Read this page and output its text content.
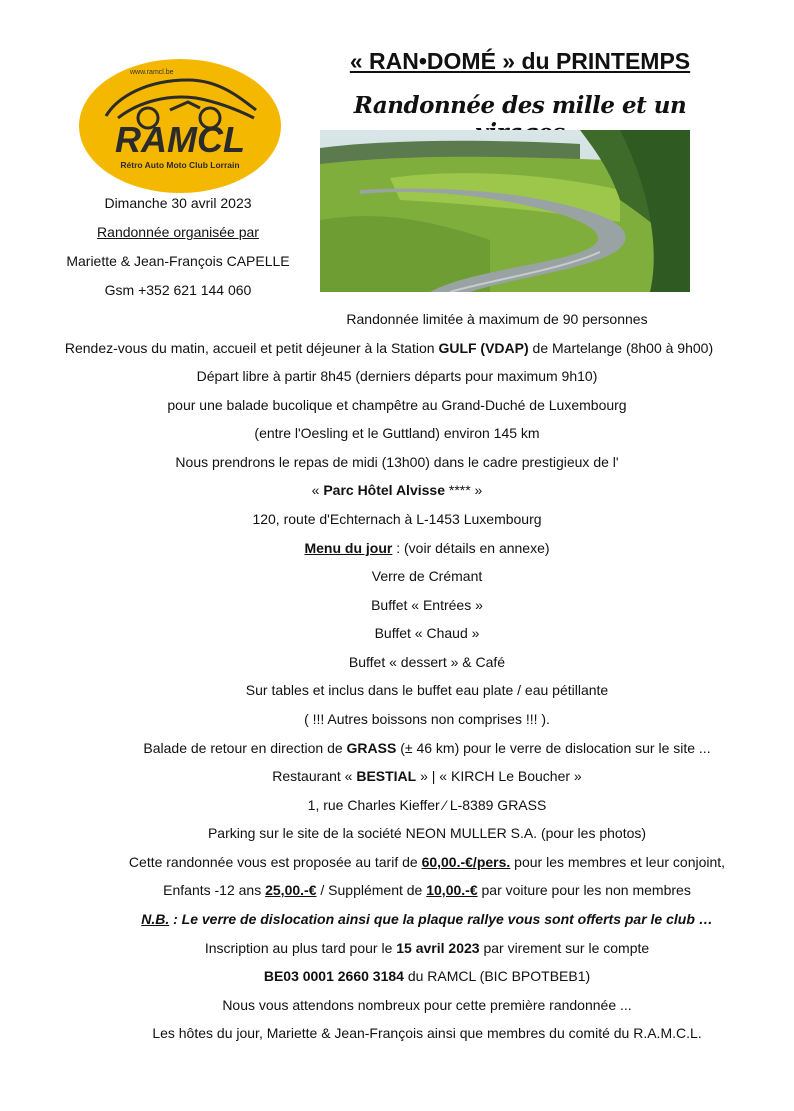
www.ramcl.be
RAMCL
Rétro Auto Moto Club Lorrain
« RAN•DOMÉ » du PRINTEMPS
Randonnée des mille et un
Dimanche 30 avril 2023
Randonnée organisée par
Mariette & Jean-François CAPELLE
Gsm +352 621 144 060
Randonnée limitée à maximum de 90 personnes
Rendez-vous du matin, accueil et petit déjeuner à la Station GULF (VDAP) de Martelange (8h00 à 9h00)
Départ libre à partir 8h45 (derniers départs pour maximum 9h10)
pour une balade bucolique et champêtre au Grand-Duché de Luxembourg
(entre l'Oesling et le Guttland) environ 145 km
Nous prendrons le repas de midi (13h00) dans le cadre prestigieux de l'
« Parc Hôtel Alvisse **** »
120, route d'Echternach à L-1453 Luxembourg
Menu du jour : (voir détails en annexe)
Verre de Crémant
Buffet « Entrées »
Buffet « Chaud »
Buffet « dessert » & Café
Sur tables et inclus dans le buffet eau plate / eau pétillante
( !!! Autres boissons non comprises !!! ).
Balade de retour en direction de GRASS (± 46 km) pour le verre de dislocation sur le site ...
Restaurant « BESTIAL » | « KIRCH Le Boucher »
1, rue Charles Kieffer ⁄ L-8389 GRASS
Parking sur le site de la société NEON MULLER S.A. (pour les photos)
Cette randonnée vous est proposée au tarif de 60,00.-€/pers. pour les membres et leur conjoint,
Enfants -12 ans 25,00.-€ / Supplément de 10,00.-€ par voiture pour les non membres
N.B. : Le verre de dislocation ainsi que la plaque rallye vous sont offerts par le club …
Inscription au plus tard pour le 15 avril 2023 par virement sur le compte
BE03 0001 2660 3184 du RAMCL (BIC BPOTBEB1)
Nous vous attendons nombreux pour cette première randonnée ...
Les hôtes du jour, Mariette & Jean-François ainsi que membres du comité du R.A.M.C.L.
